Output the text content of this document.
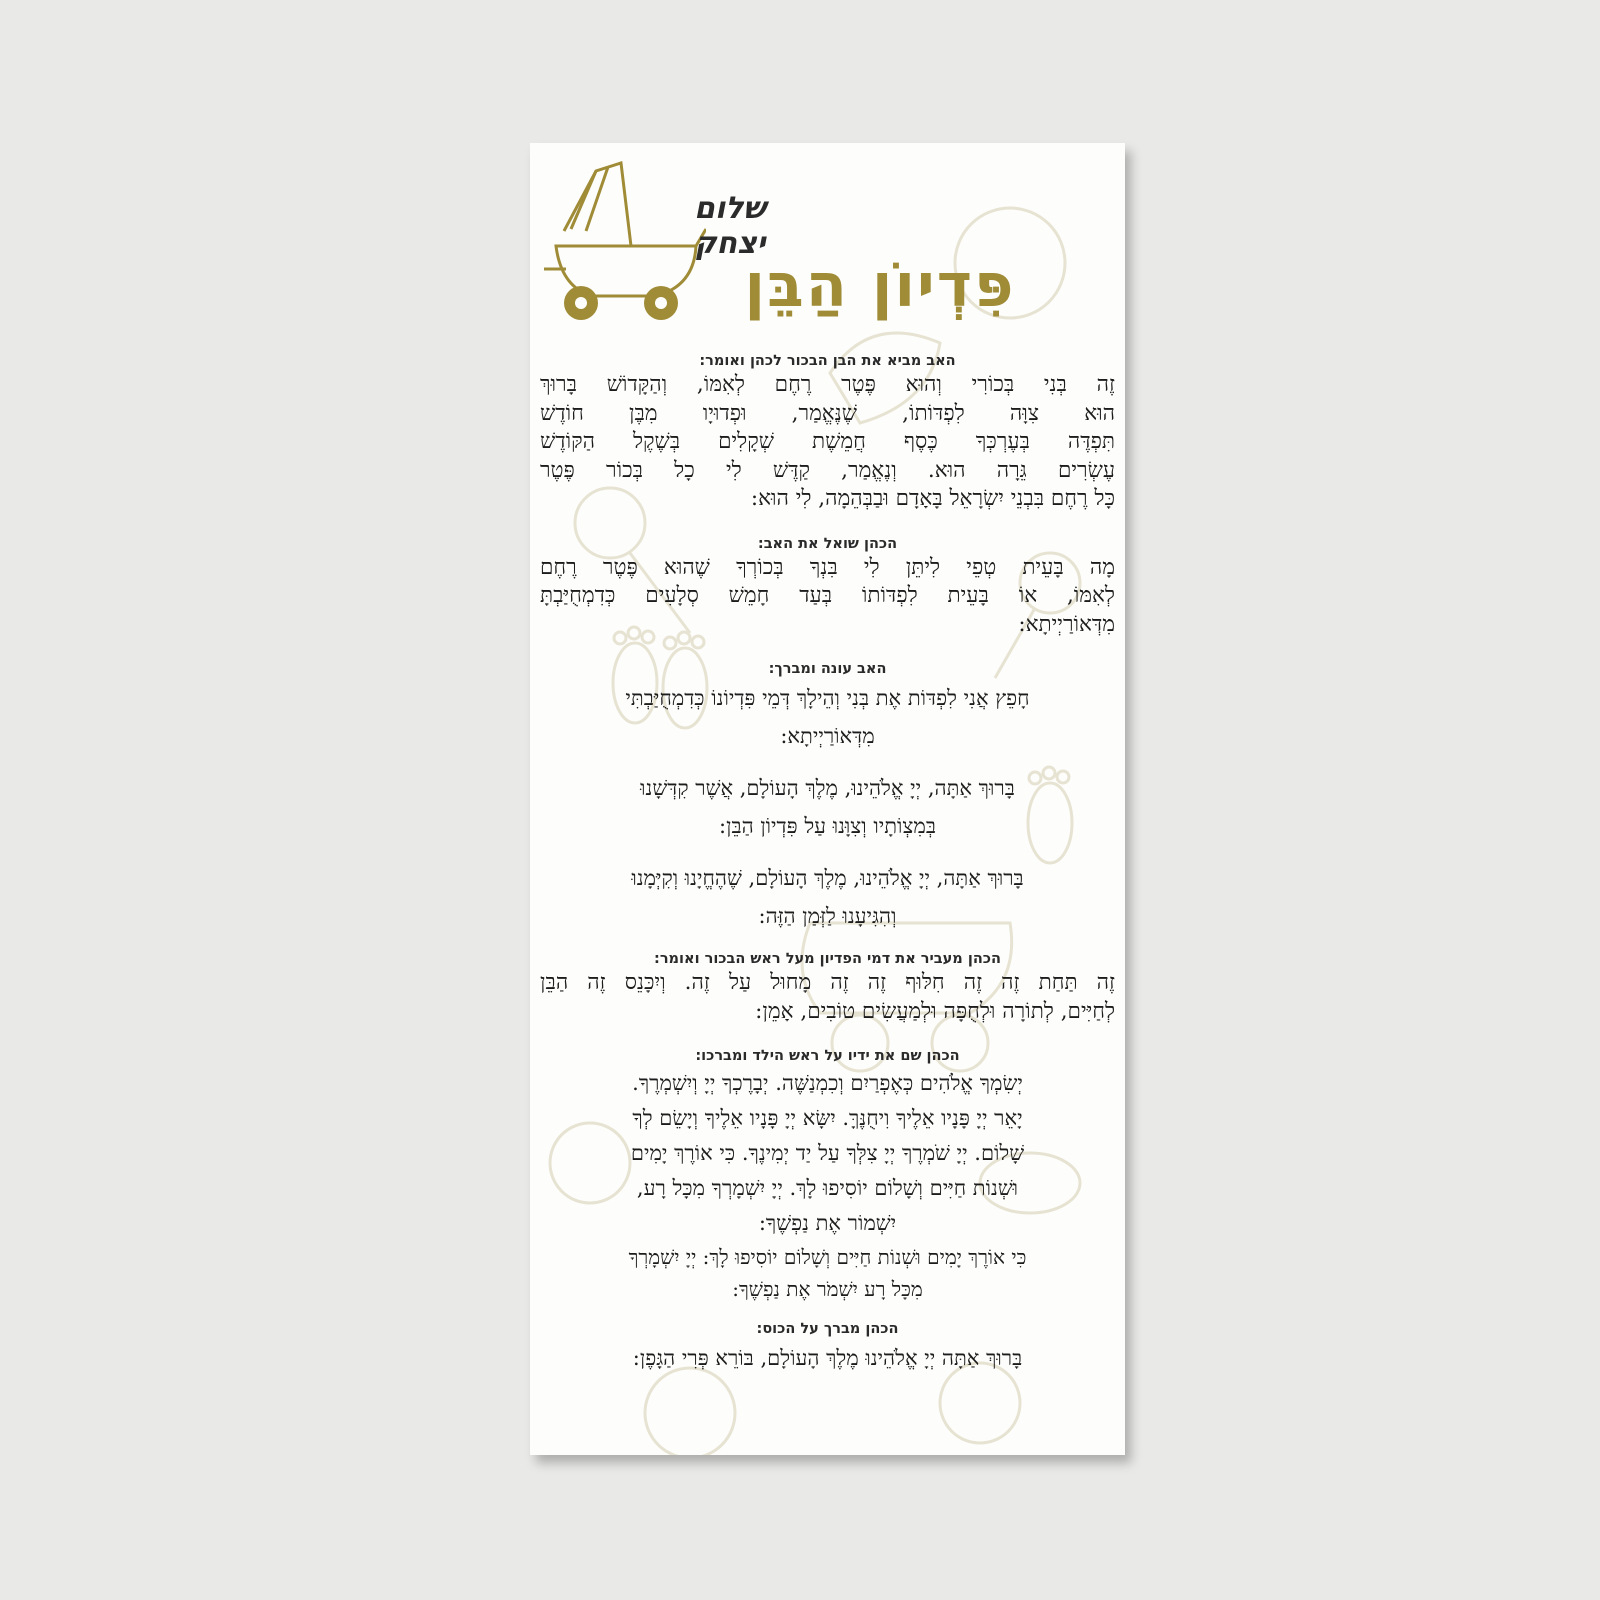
שלום יצחק
פִּדְיוֹן הַבֵּן

האב מביא את הבן הבכור לכהן ואומר:

זֶה בְּנִי בְּכוֹרִי וְהוּא פֶּטֶר רֶחֶם לְאִמּוֹ, וְהַקָּדוֹשׁ בָּרוּךְ

הוּא צִוָּה לִפְדּוֹתוֹ, שֶׁנֶּאֱמַר, וּפְדוּיָו מִבֶּן חוֹדֶשׁ

תִּפְדֶּה בְּעֶרְכְּךָ כֶּסֶף חֲמֵשֶׁת שְׁקָלִים בְּשֶׁקֶל הַקּוֹדֶשׁ

עֶשְׂרִים גֵּרָה הוּא. וְנֶאֱמַר, קַדֶּשׁ לִי כָל בְּכוֹר פֶּטֶר

כָּל רֶחֶם בִּבְנֵי יִשְׂרָאֵל בָּאָדָם וּבַבְּהֵמָה, לִי הוּא:

הכהן שואל את האב:

מָה בָּעֵית טְפֵי לִיתֵּן לִי בִּנְךָ בְּכוֹרְךָ שֶׁהוּא פֶּטֶר רֶחֶם

לְאִמּוֹ, אוֹ בָּעֵית לִפְדּוֹתוֹ בְּעַד חָמֵשׁ סְלָעִים כְּדִמְחֻיַּבְתָּ

מִדְּאוֹרַיְיתָא:

האב עונה ומברך:

חָפֵץ אֲנִי לִפְדּוֹת אֶת בְּנִי וְהֵילָךְ דְּמֵי פִּדְיוֹנוֹ כְּדִמְחֻיַּבְתִּי

מִדְּאוֹרַיְיתָא:

בָּרוּךְ אַתָּה, יְיָ אֱלֹהֵינוּ, מֶלֶךְ הָעוֹלָם, אֲשֶׁר קִדְּשָׁנוּ

בְּמִצְוֹתָיו וְצִוָּנוּ עַל פִּדְיוֹן הַבֵּן:

בָּרוּךְ אַתָּה, יְיָ אֱלֹהֵינוּ, מֶלֶךְ הָעוֹלָם, שֶׁהֶחֱיָנוּ וְקִיְּמָנוּ

וְהִגִּיעָנוּ לַזְּמַן הַזֶּה:

הכהן מעביר את דמי הפדיון מעל ראש הבכור ואומר:

זֶה תַּחַת זֶה זֶה חִלּוּף זֶה זֶה מָחוּל עַל זֶה. וְיִכָּנֵס זֶה הַבֵּן

לְחַיִּים, לְתוֹרָה וּלְחֻפָּה וּלְמַעֲשִׂים טוֹבִים, אָמֵן:

הכהן שם את ידיו על ראש הילד ומברכו:

יְשִׂמְךָ אֱלֹהִים כְּאֶפְרַיִם וְכִמְנַשֶּׁה. יְבָרֶכְךָ יְיָ וְיִשְׁמְרֶךָ.

יָאֵר יְיָ פָּנָיו אֵלֶיךָ וִיחֻנֶּךָּ. יִשָּׂא יְיָ פָּנָיו אֵלֶיךָ וְיָשֵׂם לְךָ

שָׁלוֹם. יְיָ שֹׁמְרֶךָ יְיָ צִלְּךָ עַל יַד יְמִינֶךָ. כִּי אוֹרֶךְ יָמִים

וּשְׁנוֹת חַיִּים וְשָׁלוֹם יוֹסִיפוּ לָךְ. יְיָ יִשְׁמָרְךָ מִכָּל רָע,

יִשְׁמוֹר אֶת נַפְשֶׁךָ:

כִּי אוֹרֶךְ יָמִים וּשְׁנוֹת חַיִּים וְשָׁלוֹם יוֹסִיפוּ לָךְ: יְיָ יִשְׁמָרְךָ

מִכָּל רָע יִשְׁמֹר אֶת נַפְשֶׁךָ:

הכהן מברך על הכוס:

בָּרוּךְ אַתָּה יְיָ אֱלֹהֵינוּ מֶלֶךְ הָעוֹלָם, בּוֹרֵא פְּרִי הַגָּפֶן:
